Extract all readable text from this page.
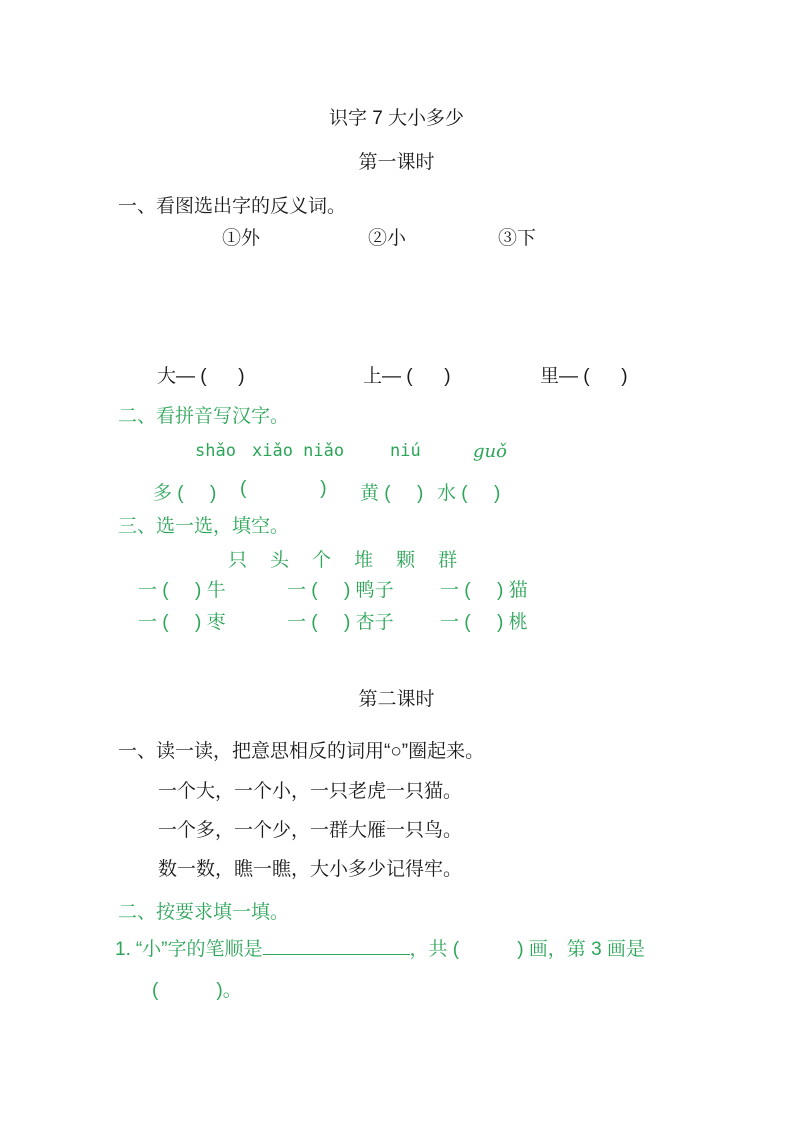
识字 7 大小多少
第一课时
一、看图选出字的反义词。
①外	②小	③下
大— (      )	上— (      )	里— (      )
二、看拼音写汉字。
shǎo xiǎo niǎo	niú	guǒ
多 (     ) (              ) 黄 (     ) 水 (     )
三、选一选，填空。
只 头 个 堆 颗 群
一 (     ) 牛	一 (     ) 鸭子 一 (     ) 猫
一 (     ) 枣	一 (     ) 杏子 一 (     ) 桃
第二课时
一、读一读，把意思相反的词用“○”圈起来。
一个大，一个小，一只老虎一只猫。
一个多，一个少，一群大雁一只鸟。
数一数，瞧一瞧，大小多少记得牢。
二、按要求填一填。
1. “小”字的笔顺是	，共 (           ) 画，第 3 画是
(           )。
